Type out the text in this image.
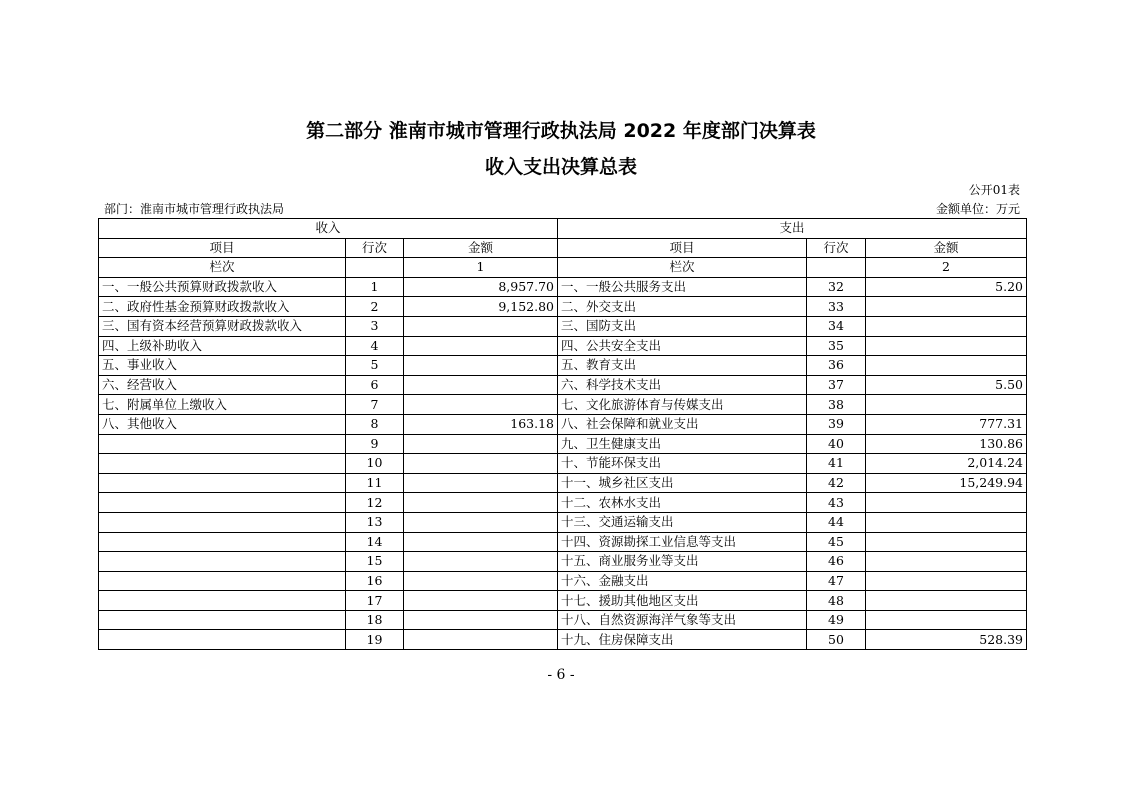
第二部分 淮南市城市管理行政执法局 2022 年度部门决算表
收入支出决算总表
公开01表
部门：淮南市城市管理行政执法局	金额单位：万元
收入			支出		
项目	行次	金额	项目	行次	金额
栏次		1	栏次		2
一、一般公共预算财政拨款收入	1	8,957.70	一、一般公共服务支出	32	5.20
二、政府性基金预算财政拨款收入	2	9,152.80	二、外交支出	33	
三、国有资本经营预算财政拨款收入	3		三、国防支出	34	
四、上级补助收入	4		四、公共安全支出	35	
五、事业收入	5		五、教育支出	36	
六、经营收入	6		六、科学技术支出	37	5.50
七、附属单位上缴收入	7		七、文化旅游体育与传媒支出	38	
八、其他收入	8	163.18	八、社会保障和就业支出	39	777.31
	9		九、卫生健康支出	40	130.86
	10		十、节能环保支出	41	2,014.24
	11		十一、城乡社区支出	42	15,249.94
	12		十二、农林水支出	43	
	13		十三、交通运输支出	44	
	14		十四、资源勘探工业信息等支出	45	
	15		十五、商业服务业等支出	46	
	16		十六、金融支出	47	
	17		十七、援助其他地区支出	48	
	18		十八、自然资源海洋气象等支出	49	
	19		十九、住房保障支出	50	528.39
- 6 -
